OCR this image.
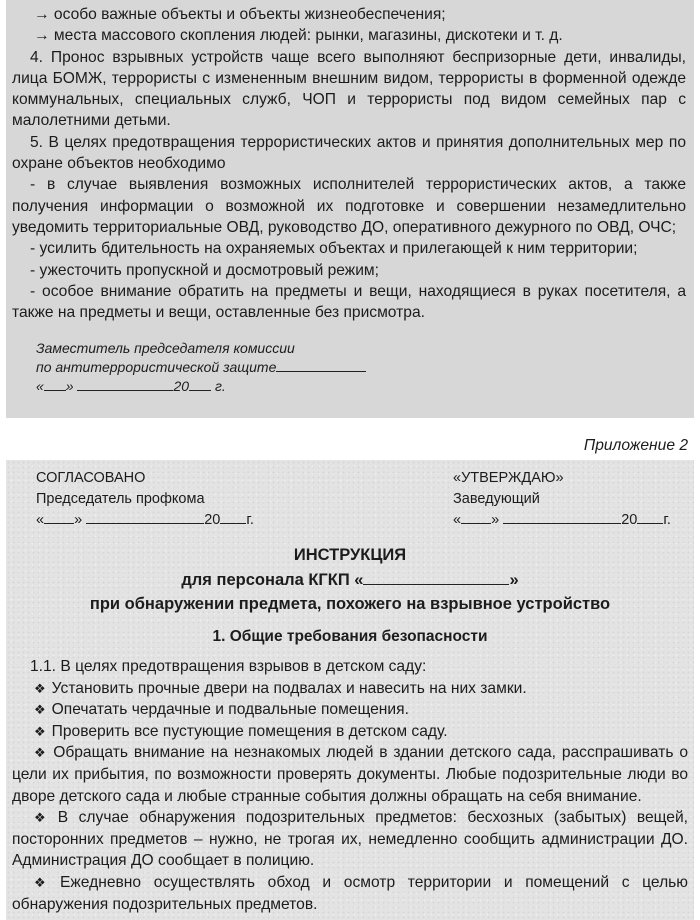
→ особо важные объекты и объекты жизнеобеспечения;

→ места массового скопления людей: рынки, магазины, дискотеки и т. д.

4. Пронос взрывных устройств чаще всего выполняют беспризорные дети, инвалиды, лица БОМЖ, террористы с измененным внешним видом, террористы в форменной одежде коммунальных, специальных служб, ЧОП и террористы под видом семейных пар с малолетними детьми.

5. В целях предотвращения террористических актов и принятия дополнительных мер по охране объектов необходимо

- в случае выявления возможных исполнителей террористических актов, а также получения информации о возможной их подготовке и совершении незамедлительно уведомить территориальные ОВД, руководство ДО, оперативного дежурного по ОВД, ОЧС;

- усилить бдительность на охраняемых объектах и прилегающей к ним территории;

- ужесточить пропускной и досмотровый режим;

- особое внимание обратить на предметы и вещи, находящиеся в руках посетителя, а также на предметы и вещи, оставленные без присмотра.

Заместитель председателя комиссии

по антитеррористической защите

« »	20 г.

Приложение 2

СОГЛАСОВАНО

Председатель профкома

« »	20 г.

«УТВЕРЖДАЮ»

Заведующий

« »	20 г.

ИНСТРУКЦИЯ
для персонала КГКП «	»
при обнаружении предмета, похожего на взрывное устройство
1. Общие требования безопасности

1.1. В целях предотвращения взрывов в детском саду:

❖ Установить прочные двери на подвалах и навесить на них замки.

❖ Опечатать чердачные и подвальные помещения.

❖ Проверить все пустующие помещения в детском саду.

❖ Обращать внимание на незнакомых людей в здании детского сада, расспрашивать о цели их прибытия, по возможности проверять документы. Любые подозрительные люди во дворе детского сада и любые странные события должны обращать на себя внимание.

❖ В случае обнаружения подозрительных предметов: бесхозных (забытых) вещей, посторонних предметов – нужно, не трогая их, немедленно сообщить администрации ДО. Администрация ДО сообщает в полицию.

❖ Ежедневно осуществлять обход и осмотр территории и помещений с целью обнаружения подозрительных предметов.
